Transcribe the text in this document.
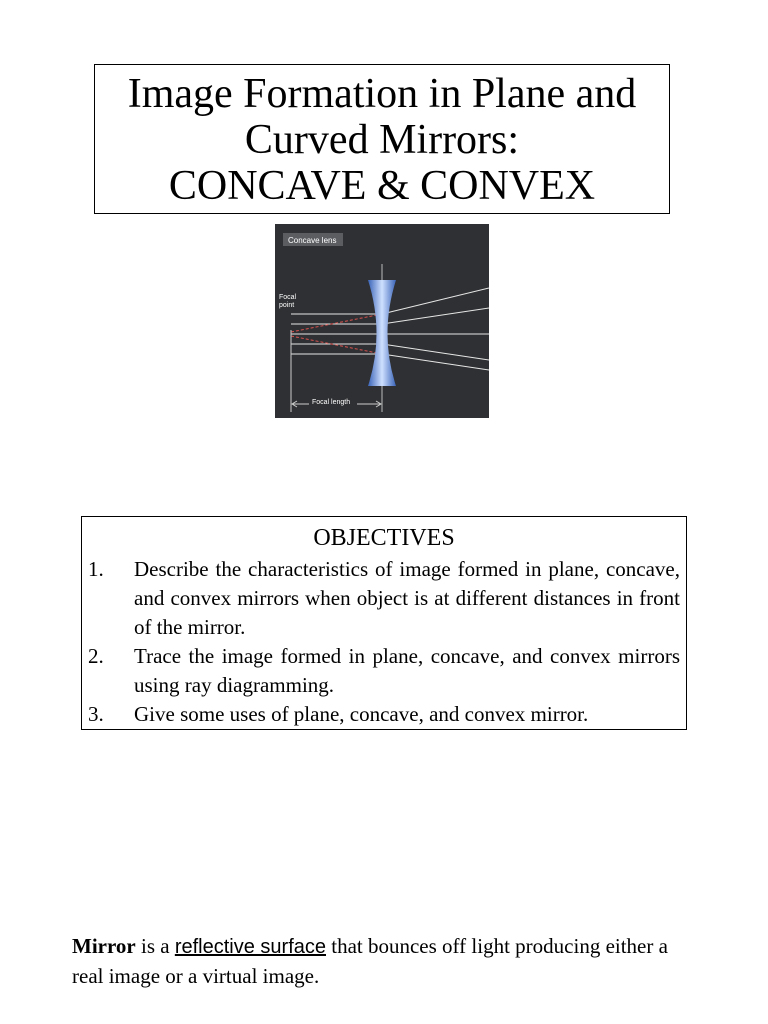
Image Formation in Plane and
Curved Mirrors:
CONCAVE & CONVEX
Concave lens
Focal
point
Focal length
OBJECTIVES
1.	Describe the characteristics of image formed in plane, concave, and convex mirrors when object is at different distances in front of the mirror.
2.	Trace the image formed in plane, concave, and convex mirrors using ray diagramming.
3.	Give some uses of plane, concave, and convex mirror.
Mirror is a reflective surface that bounces off light producing either a real image or a virtual image.
